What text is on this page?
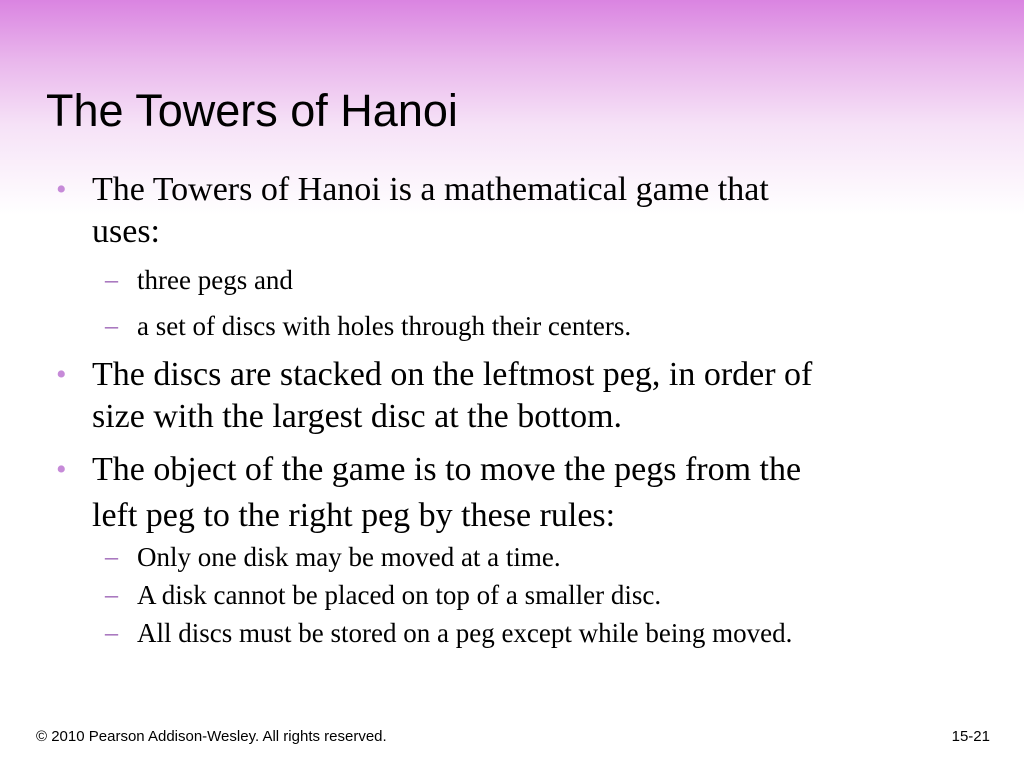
The Towers of Hanoi
• The Towers of Hanoi is a mathematical game that
uses:
– three pegs and
– a set of discs with holes through their centers.
• The discs are stacked on the leftmost peg, in order of
size with the largest disc at the bottom.
• The object of the game is to move the pegs from the
left peg to the right peg by these rules:
– Only one disk may be moved at a time.
– A disk cannot be placed on top of a smaller disc.
– All discs must be stored on a peg except while being moved.
© 2010 Pearson Addison-Wesley. All rights reserved.	15-21
